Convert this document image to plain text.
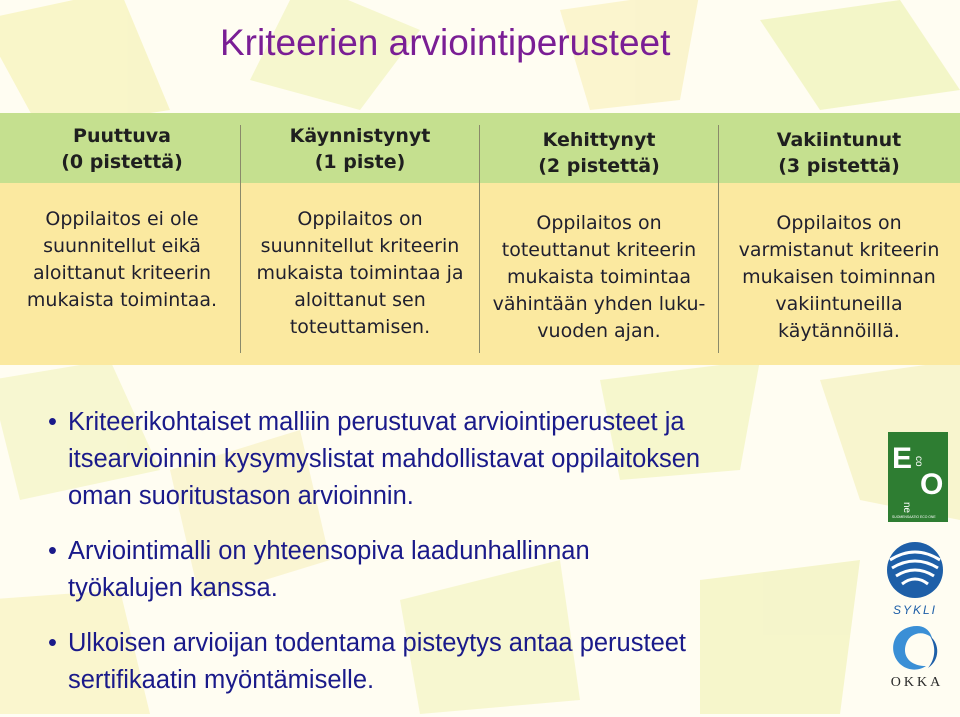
Kriteerien arviointiperusteet
Puuttuva
(0 pistettä)
Oppilaitos ei ole
suunnitellut eikä
aloittanut kriteerin
mukaista toimintaa.
Käynnistynyt
(1 piste)
Oppilaitos on
suunnitellut kriteerin
mukaista toimintaa ja
aloittanut sen
toteuttamisen.
Kehittynyt
(2 pistettä)
Oppilaitos on
toteuttanut kriteerin
mukaista toimintaa
vähintään yhden luku-
vuoden ajan.
Vakiintunut
(3 pistettä)
Oppilaitos on
varmistanut kriteerin
mukaisen toiminnan
vakiintuneilla
käytännöillä.
• Kriteerikohtaiset malliin perustuvat arviointiperusteet ja
itsearvioinnin kysymyslistat mahdollistavat oppilaitoksen
oman suoritustason arvioinnin.
• Arviointimalli on yhteensopiva laadunhallinnan
työkalujen kanssa.
• Ulkoisen arvioijan todentama pisteytys antaa perusteet
sertifikaatin myöntämiselle.
E co
O
ne
SUOMENSAATIO ECO ONE
SYKLI
OKKA
